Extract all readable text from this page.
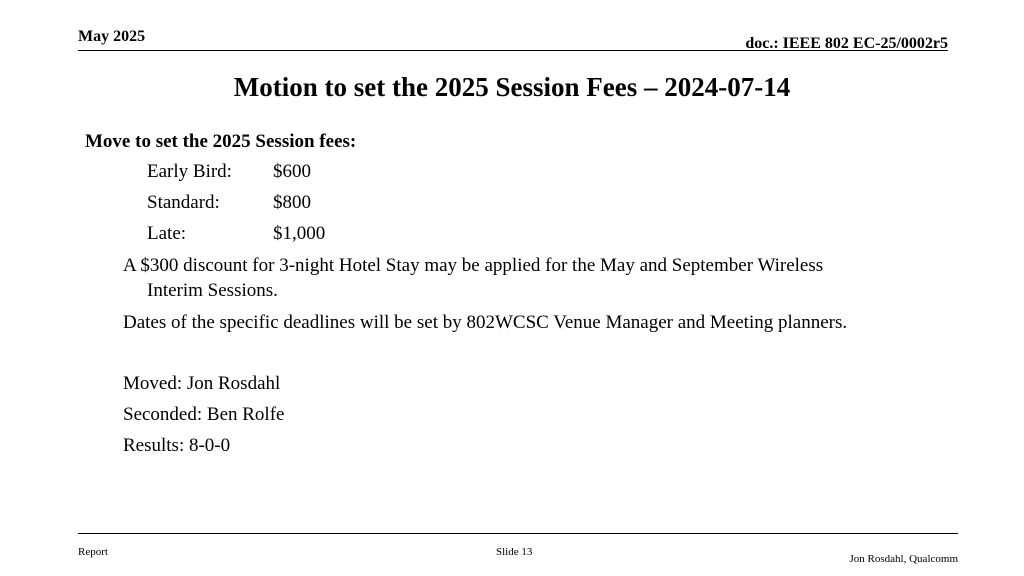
May 2025	doc.: IEEE 802 EC-25/0002r5
Motion to set the 2025 Session Fees – 2024-07-14
Move to set the 2025 Session fees:
Early Bird: $600
Standard:	$800
Late:	$1,000
A $300 discount for 3-night Hotel Stay may be applied for the May and September Wireless
Interim Sessions.
Dates of the specific deadlines will be set by 802WCSC Venue Manager and Meeting planners.
Moved: Jon Rosdahl
Seconded: Ben Rolfe
Results: 8-0-0
Report	Slide 13
Jon Rosdahl, Qualcomm
